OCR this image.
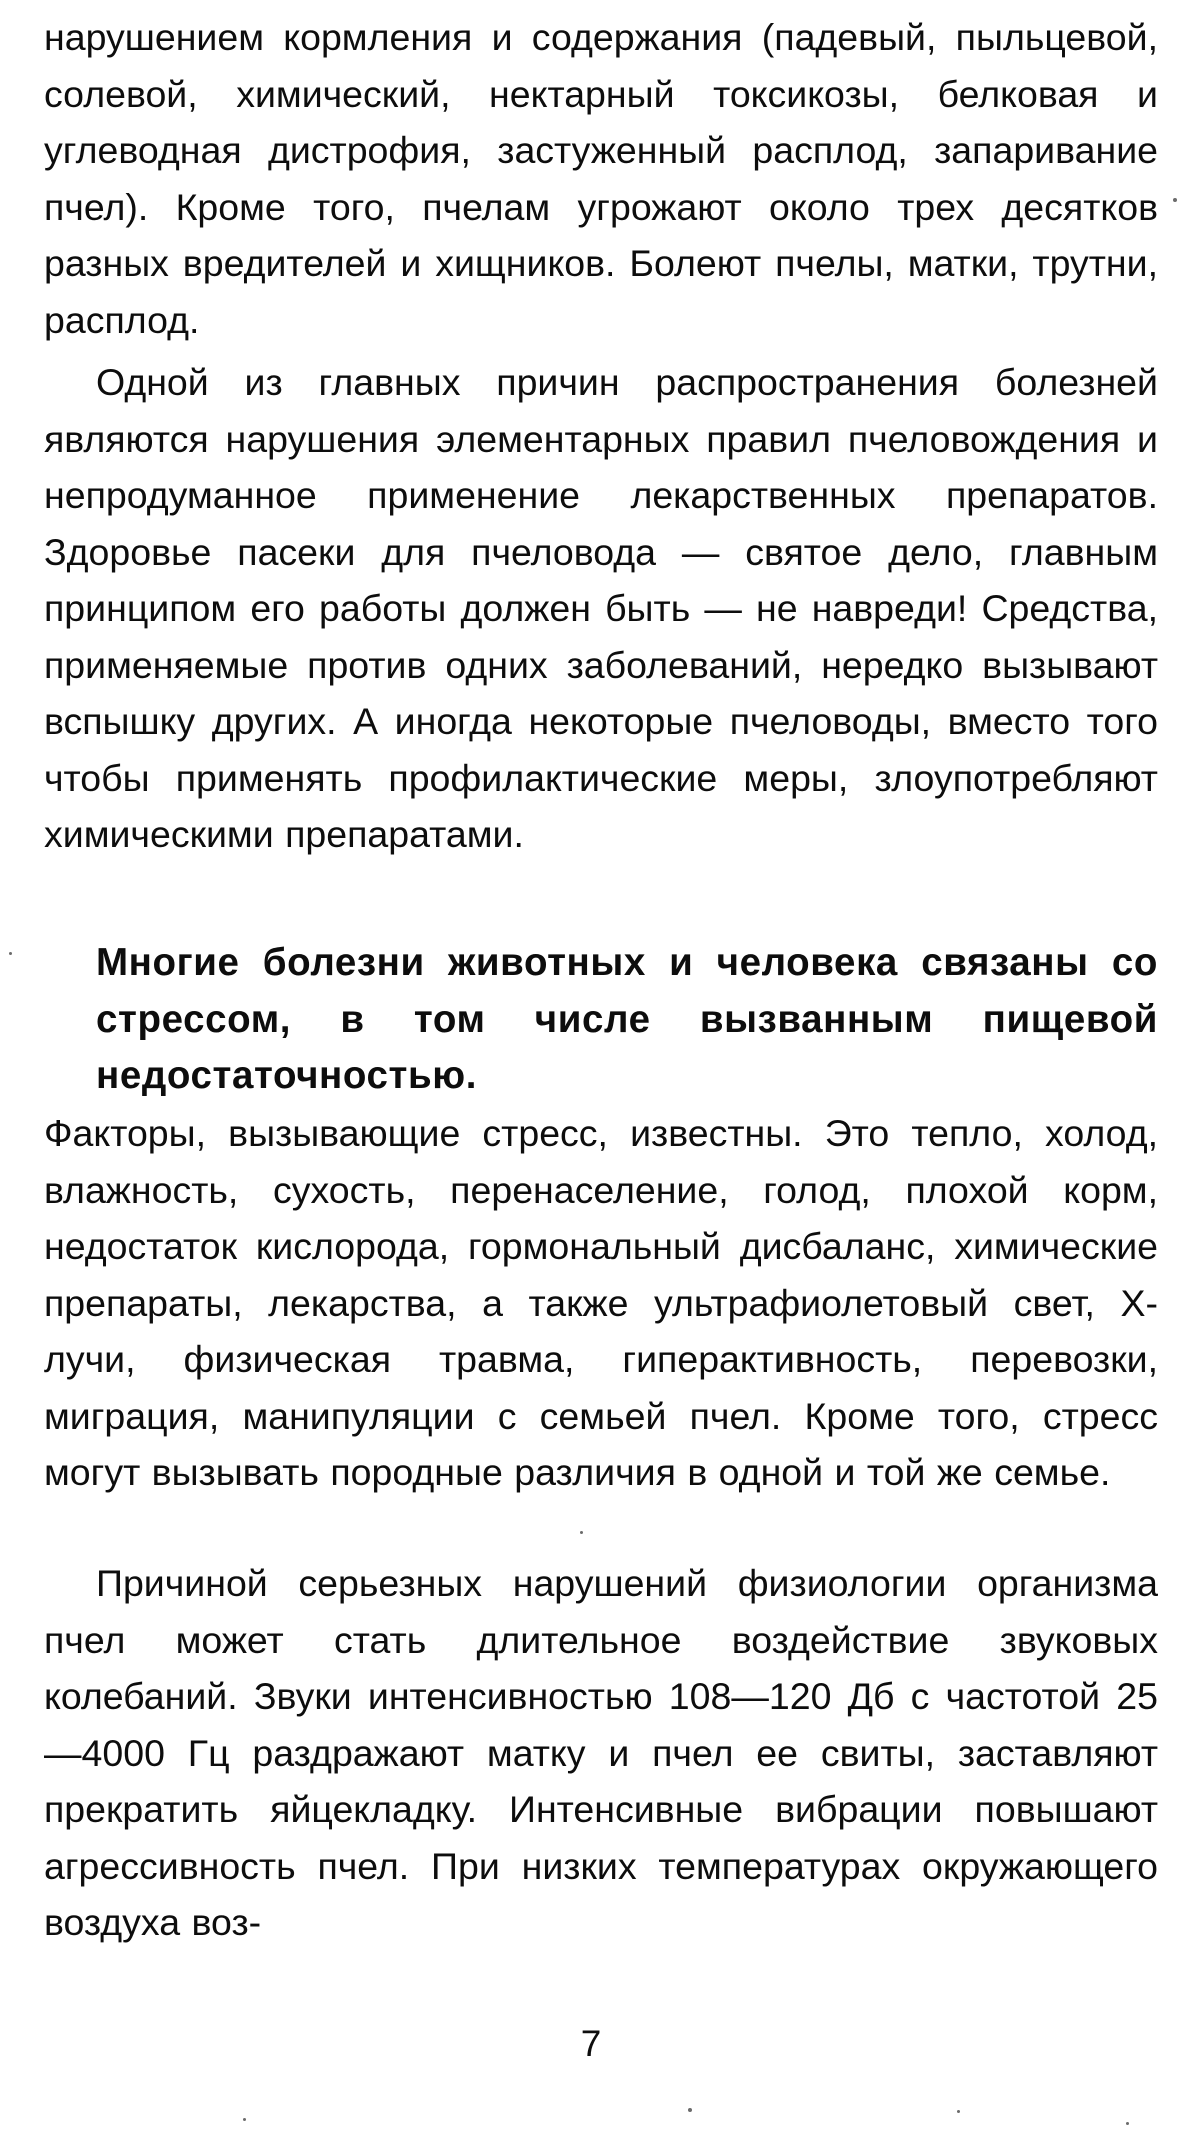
нарушением кормления и содержания (падевый, пыльцевой, солевой, химический, нектарный токсикозы, белковая и углеводная дистрофия, застуженный расплод, запаривание пчел). Кроме того, пчелам угрожают около трех десятков разных вредителей и хищников. Болеют пчелы, матки, трутни, расплод.

Одной из главных причин распространения болезней являются нарушения элементарных правил пчеловождения и непродуманное применение лекарственных препаратов. Здоровье пасеки для пчеловода — святое дело, главным принципом его работы должен быть — не навреди! Средства, применяемые против одних заболеваний, нередко вызывают вспышку других. А иногда некоторые пчеловоды, вместо того чтобы применять профилактические меры, злоупотребляют химическими препаратами.

Многие болезни животных и человека связаны со стрессом, в том числе вызванным пищевой недостаточностью.

Факторы, вызывающие стресс, известны. Это тепло, холод, влажность, сухость, перенаселение, голод, плохой корм, недостаток кислорода, гормональный дисбаланс, химические препараты, лекарства, а также ультрафиолетовый свет, Х-лучи, физическая травма, гиперактивность, перевозки, миграция, манипуляции с семьей пчел. Кроме того, стресс могут вызывать породные различия в одной и той же семье.

Причиной серьезных нарушений физиологии организма пчел может стать длительное воздействие звуковых колебаний. Звуки интенсивностью 108—120 Дб с частотой 25—4000 Гц раздражают матку и пчел ее свиты, заставляют прекратить яйцекладку. Интенсивные вибрации повышают агрессивность пчел. При низких температурах окружающего воздуха воз-

7
